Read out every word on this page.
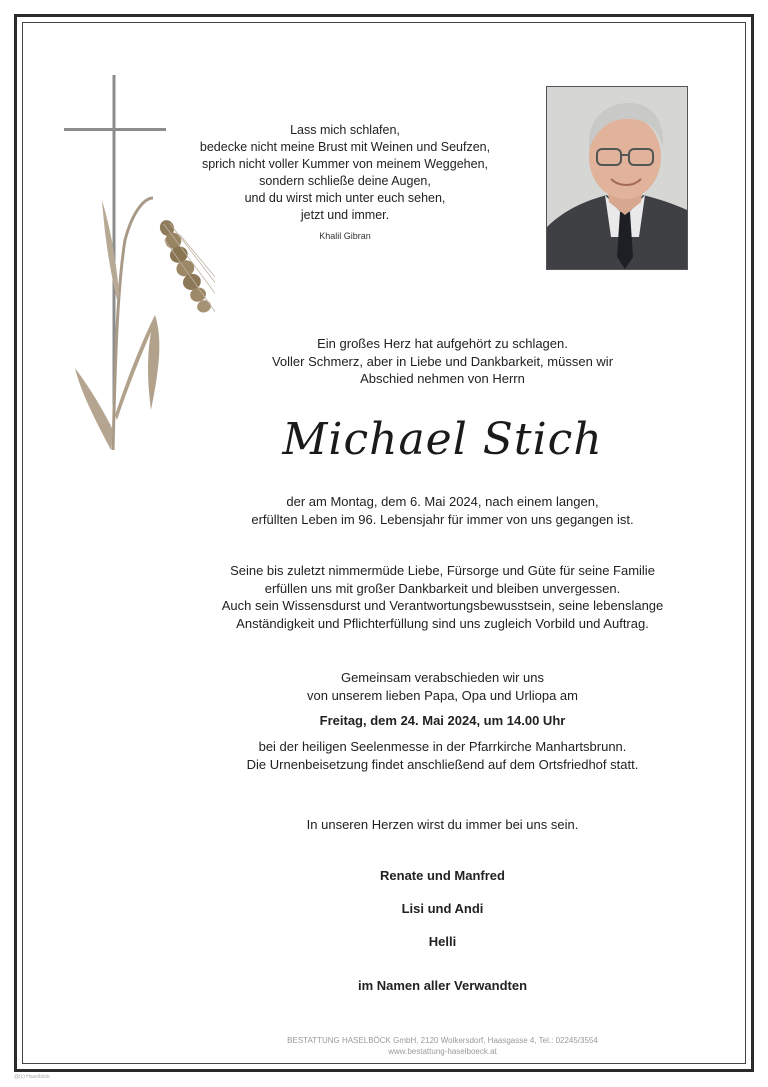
Lass mich schlafen,
bedecke nicht meine Brust mit Weinen und Seufzen,
sprich nicht voller Kummer von meinem Weggehen,
sondern schließe deine Augen,
und du wirst mich unter euch sehen,
jetzt und immer.
Khalil Gibran
Ein großes Herz hat aufgehört zu schlagen.
Voller Schmerz, aber in Liebe und Dankbarkeit, müssen wir
Abschied nehmen von Herrn
Michael Stich
der am Montag, dem 6. Mai 2024, nach einem langen,
erfüllten Leben im 96. Lebensjahr für immer von uns gegangen ist.
Seine bis zuletzt nimmermüde Liebe, Fürsorge und Güte für seine Familie
erfüllen uns mit großer Dankbarkeit und bleiben unvergessen.
Auch sein Wissensdurst und Verantwortungsbewusstsein, seine lebenslange
Anständigkeit und Pflichterfüllung sind uns zugleich Vorbild und Auftrag.
Gemeinsam verabschieden wir uns
von unserem lieben Papa, Opa und Urliopa am
Freitag, dem 24. Mai 2024, um 14.00 Uhr
bei der heiligen Seelenmesse in der Pfarrkirche Manhartsbrunn.
Die Urnenbeisetzung findet anschließend auf dem Ortsfriedhof statt.
In unseren Herzen wirst du immer bei uns sein.
Renate und Manfred
Lisi und Andi
Helli
im Namen aller Verwandten
BESTATTUNG HASELBÖCK GmbH, 2120 Wolkersdorf, Haasgasse 4, Tel.: 02245/3554
www.bestattung-haselboeck.at
@(c) Haselböck
